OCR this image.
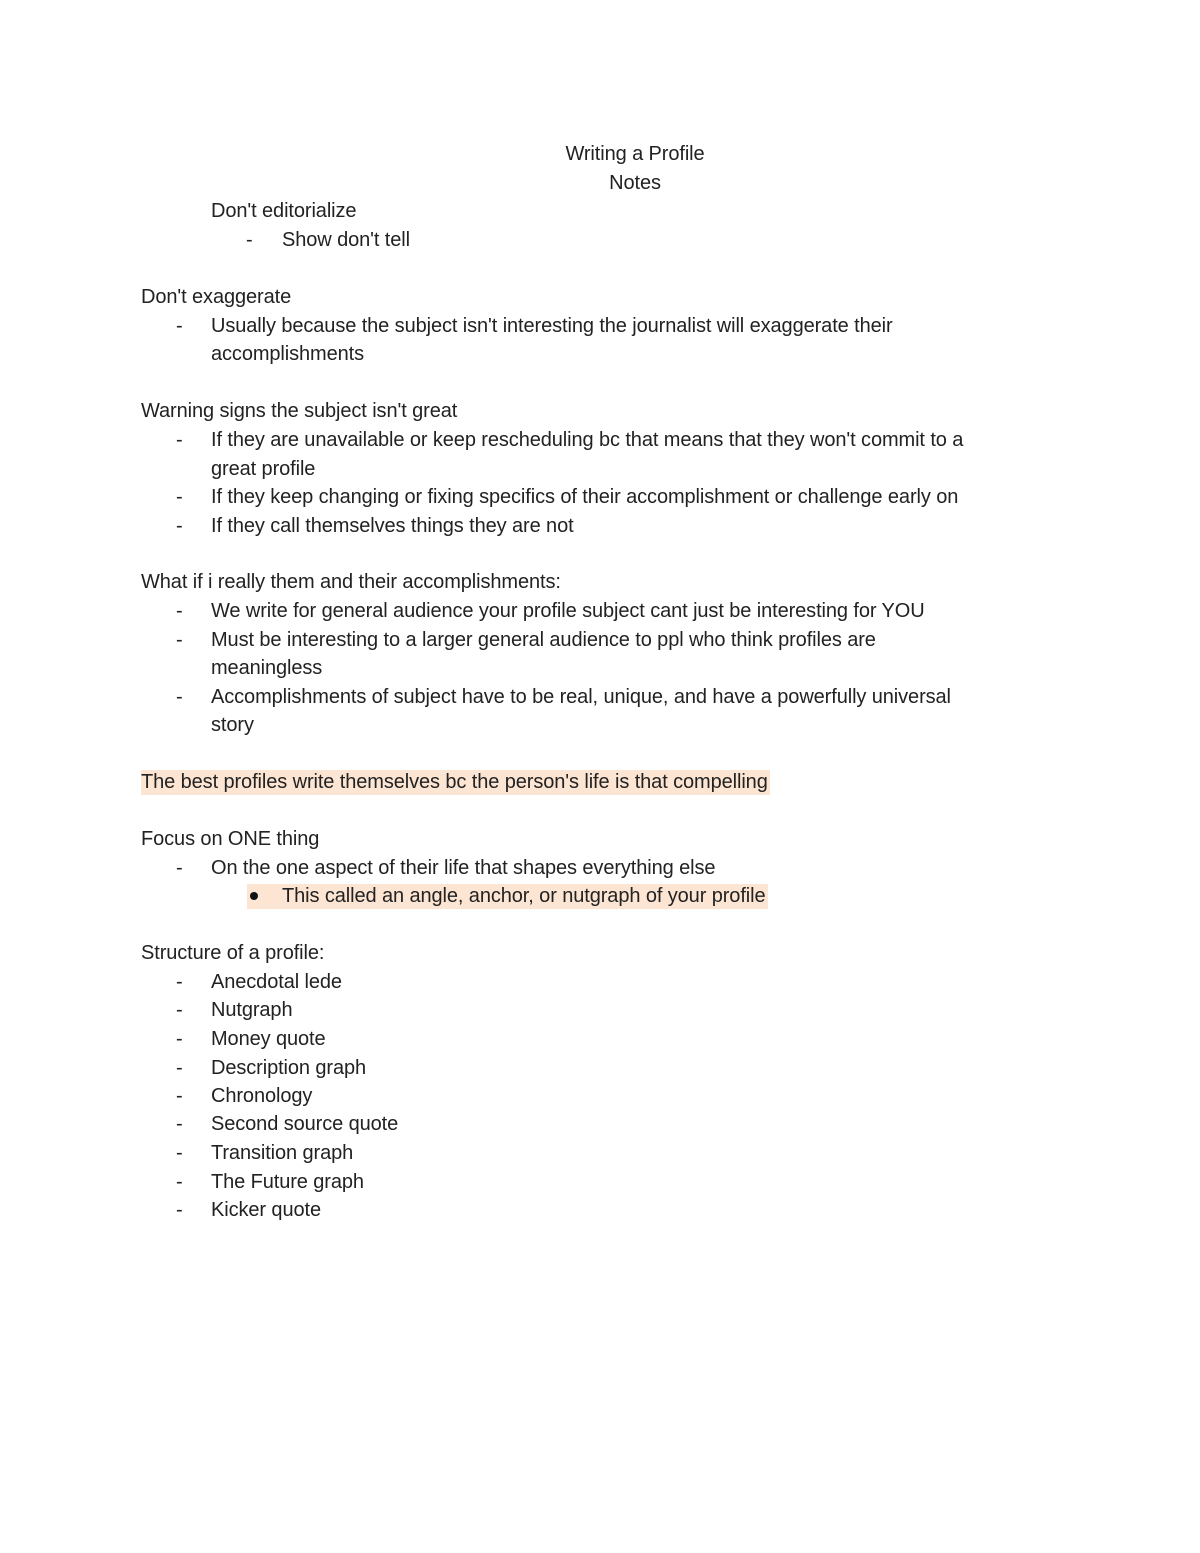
Writing a Profile
Notes
Don't editorialize
- Show don't tell
Don't exaggerate
- Usually because the subject isn't interesting the journalist will exaggerate their
accomplishments
Warning signs the subject isn't great
- If they are unavailable or keep rescheduling bc that means that they won't commit to a
great profile
- If they keep changing or fixing specifics of their accomplishment or challenge early on
- If they call themselves things they are not
What if i really them and their accomplishments:
- We write for general audience your profile subject cant just be interesting for YOU
- Must be interesting to a larger general audience to ppl who think profiles are
meaningless
- Accomplishments of subject have to be real, unique, and have a powerfully universal
story
The best profiles write themselves bc the person's life is that compelling
Focus on ONE thing
- On the one aspect of their life that shapes everything else
This called an angle, anchor, or nutgraph of your profile
Structure of a profile:
- Anecdotal lede
- Nutgraph
- Money quote
- Description graph
- Chronology
- Second source quote
- Transition graph
- The Future graph
- Kicker quote
